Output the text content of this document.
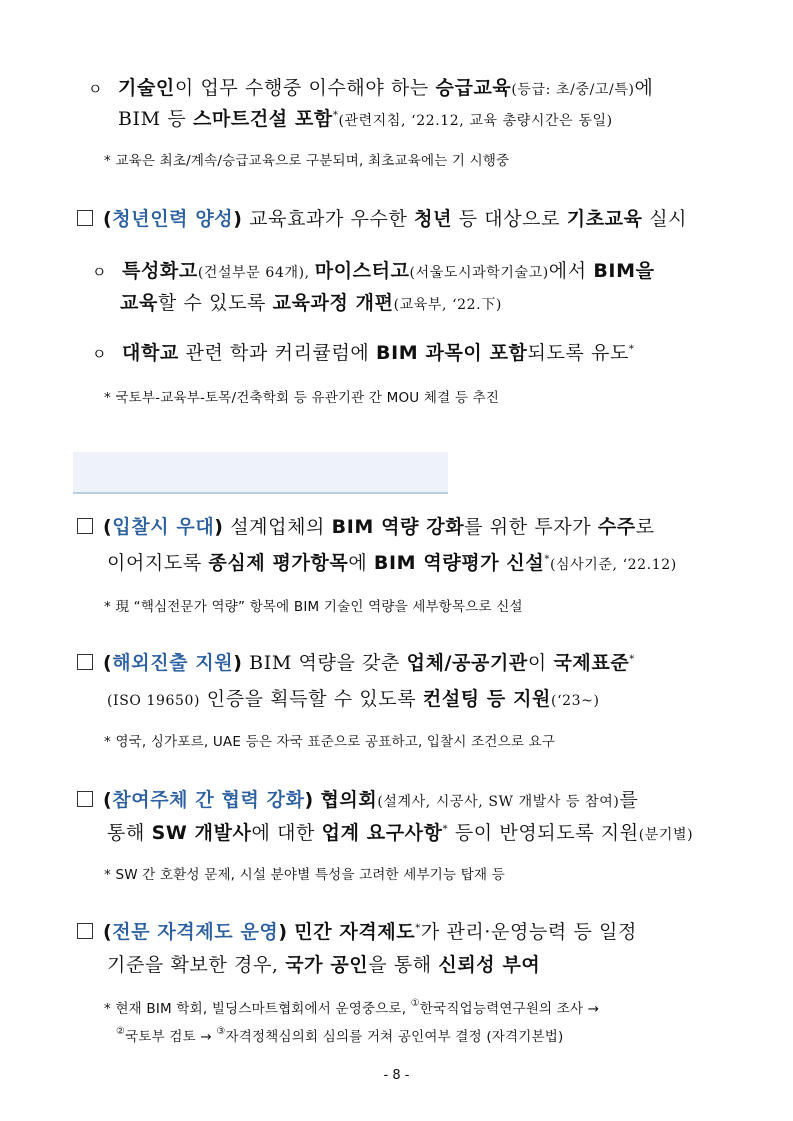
ㅇ 기술인이 업무 수행중 이수해야 하는 승급교육(등급: 초/중/고/특)에
BIM 등 스마트건설 포함*(관련지침, ‘22.12, 교육 총량시간은 동일)
* 교육은 최초/계속/승급교육으로 구분되며, 최초교육에는 기 시행중
(청년인력 양성) 교육효과가 우수한 청년 등 대상으로 기초교육 실시
ㅇ 특성화고(건설부문 64개), 마이스터고(서울도시과학기술고)에서 BIM을
교육할 수 있도록 교육과정 개편(교육부, ‘22.下)
ㅇ 대학교 관련 학과 커리큘럼에 BIM 과목이 포함되도록 유도*
* 국토부-교육부-토목/건축학회 등 유관기관 간 MOU 체결 등 추진
(입찰시 우대) 설계업체의 BIM 역량 강화를 위한 투자가 수주로
이어지도록 종심제 평가항목에 BIM 역량평가 신설*(심사기준, ‘22.12)
* 現 “핵심전문가 역량” 항목에 BIM 기술인 역량을 세부항목으로 신설
(해외진출 지원) BIM 역량을 갖춘 업체/공공기관이 국제표준*
(ISO 19650) 인증을 획득할 수 있도록 컨설팅 등 지원(‘23~)
* 영국, 싱가포르, UAE 등은 자국 표준으로 공표하고, 입찰시 조건으로 요구
(참여주체 간 협력 강화) 협의회(설계사, 시공사, SW 개발사 등 참여)를
통해 SW 개발사에 대한 업계 요구사항* 등이 반영되도록 지원(분기별)
* SW 간 호환성 문제, 시설 분야별 특성을 고려한 세부기능 탑재 등
(전문 자격제도 운영) 민간 자격제도*가 관리·운영능력 등 일정
기준을 확보한 경우, 국가 공인을 통해 신뢰성 부여
* 현재 BIM 학회, 빌딩스마트협회에서 운영중으로, ①한국직업능력연구원의 조사 →
②국토부 검토 → ③자격정책심의회 심의를 거쳐 공인여부 결정 (자격기본법)
- 8 -
